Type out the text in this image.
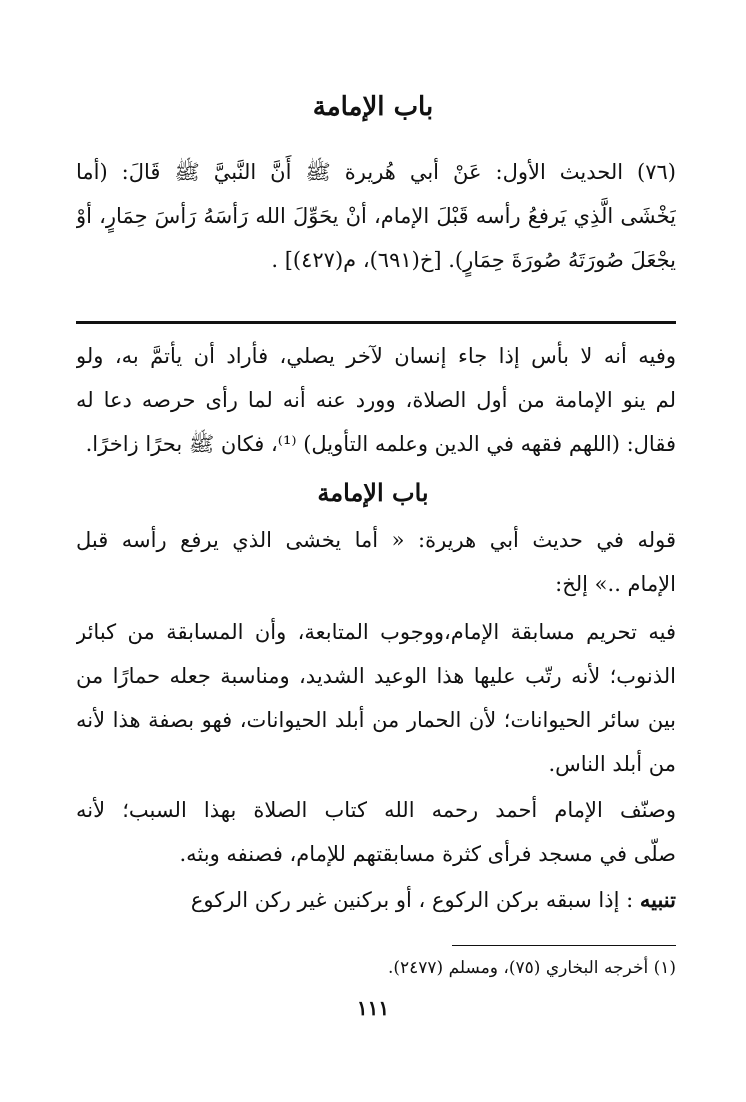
باب الإمامة
(٧٦) الحديث الأول: عَنْ أبي هُريرة ﷺ أَنَّ النَّبيَّ ﷺ قَالَ: (أما
يَخْشَى الَّذِي يَرفعُ رأسه قَبْلَ الإمام، أنْ يحَوِّلَ الله رَأسَهُ رَأسَ حِمَارٍ، أوْ
يجْعَلَ صُورَتَهُ صُورَةَ حِمَارٍ). [خ(٦٩١)، م(٤٢٧)] .
وفيه أنه لا بأس إذا جاء إنسان لآخر يصلي، فأراد أن يأتمَّ به، ولو
لم ينو الإمامة من أول الصلاة، وورد عنه أنه لما رأى حرصه دعا له
فقال: (اللهم فقهه في الدين وعلمه التأويل) ⁽¹⁾، فكان ﷺ بحرًا زاخرًا.
باب الإمامة
قوله في حديث أبي هريرة: « أما يخشى الذي يرفع رأسه قبل
الإمام ..» إلخ:
فيه تحريم مسابقة الإمام،ووجوب المتابعة، وأن المسابقة من كبائر
الذنوب؛ لأنه رتّب عليها هذا الوعيد الشديد، ومناسبة جعله حمارًا من
بين سائر الحيوانات؛ لأن الحمار من أبلد الحيوانات، فهو بصفة هذا لأنه
من أبلد الناس.
وصنّف الإمام أحمد رحمه الله كتاب الصلاة بهذا السبب؛ لأنه
صلّى في مسجد فرأى كثرة مسابقتهم للإمام، فصنفه وبثه.
تنبيه : إذا سبقه بركن الركوع ، أو بركنين غير ركن الركوع
(١) أخرجه البخاري (٧٥)، ومسلم (٢٤٧٧).
١١١
